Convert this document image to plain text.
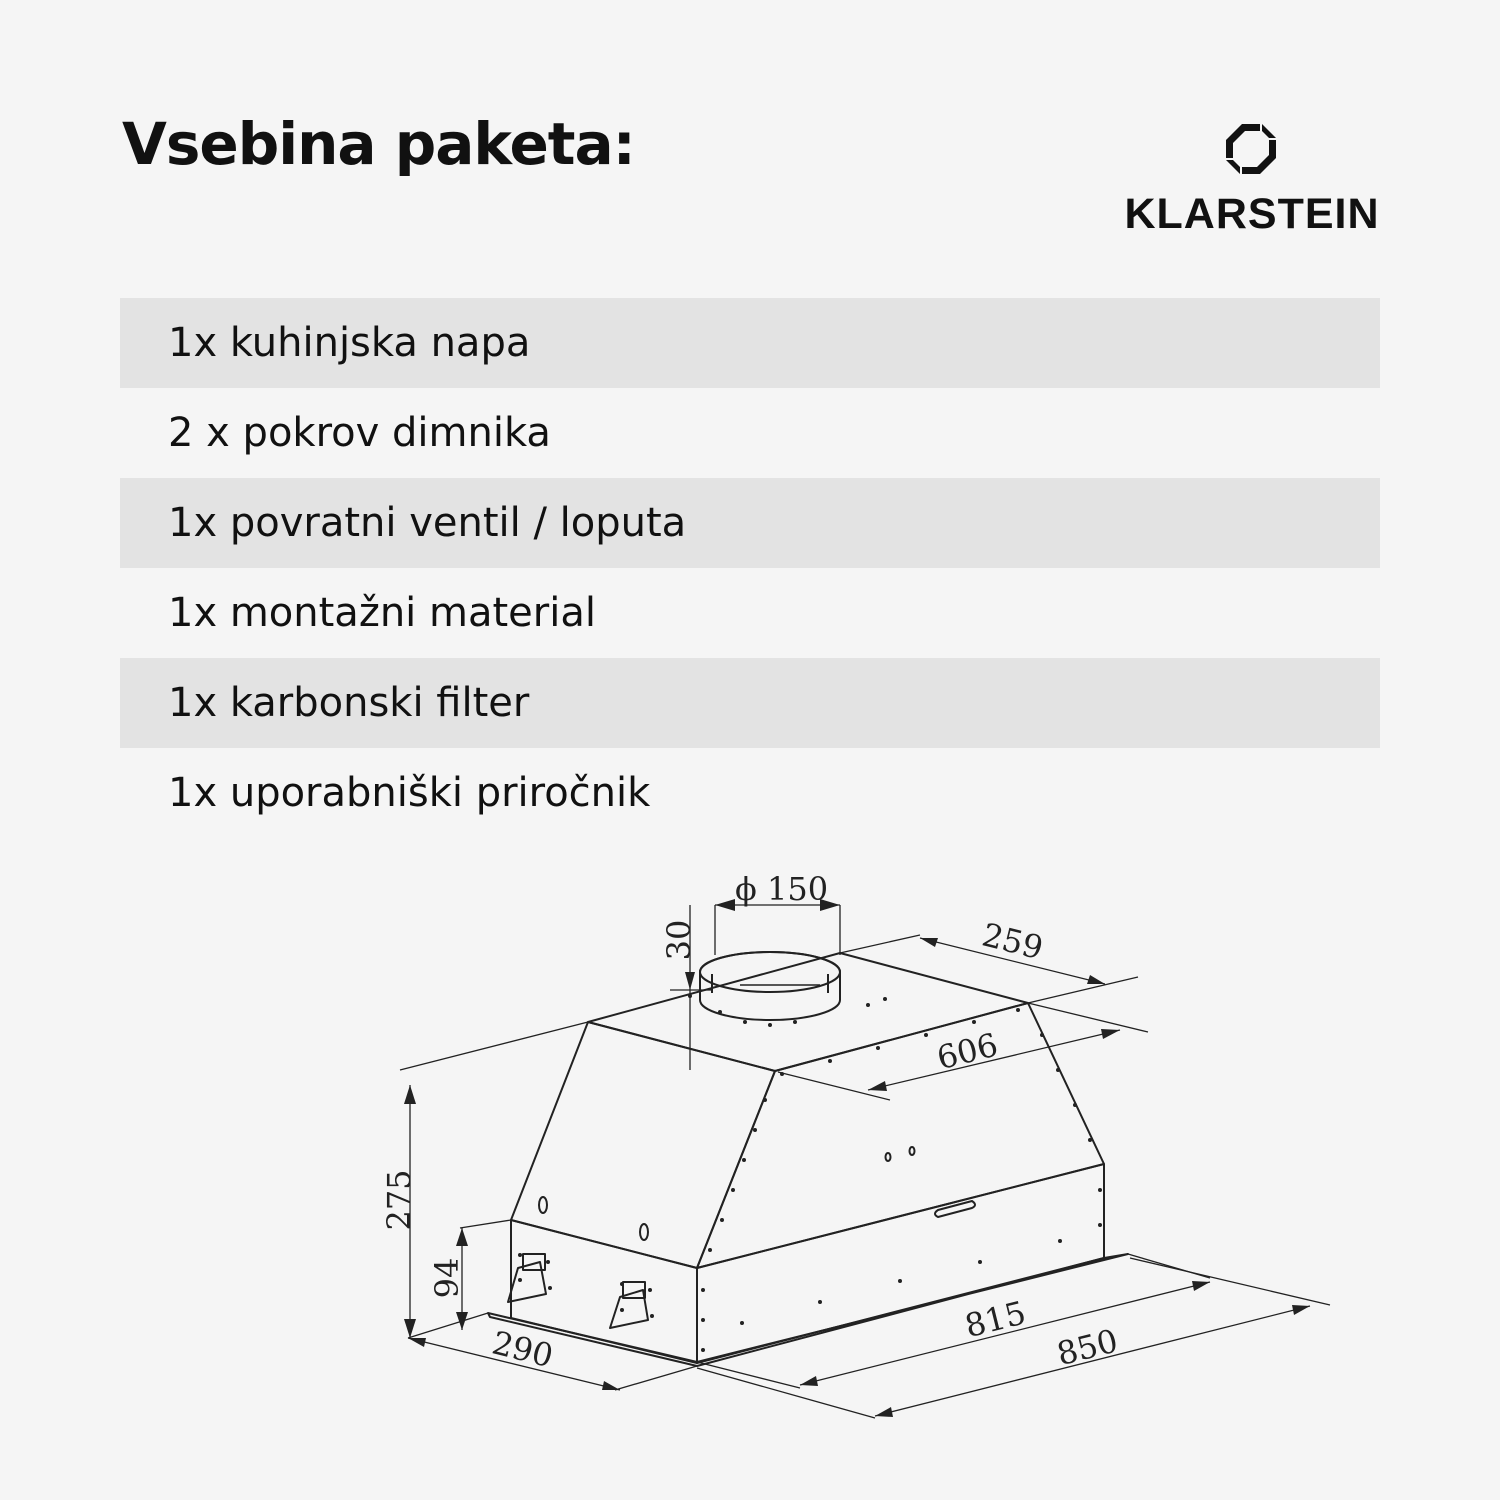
Vsebina paketa:
KLARSTEIN
1x kuhinjska napa
2 x pokrov dimnika
1x povratni ventil / loputa
1x montažni material
1x karbonski filter
1x uporabniški priročnik
ϕ 150
30	259
606
275
94
290
815
850
